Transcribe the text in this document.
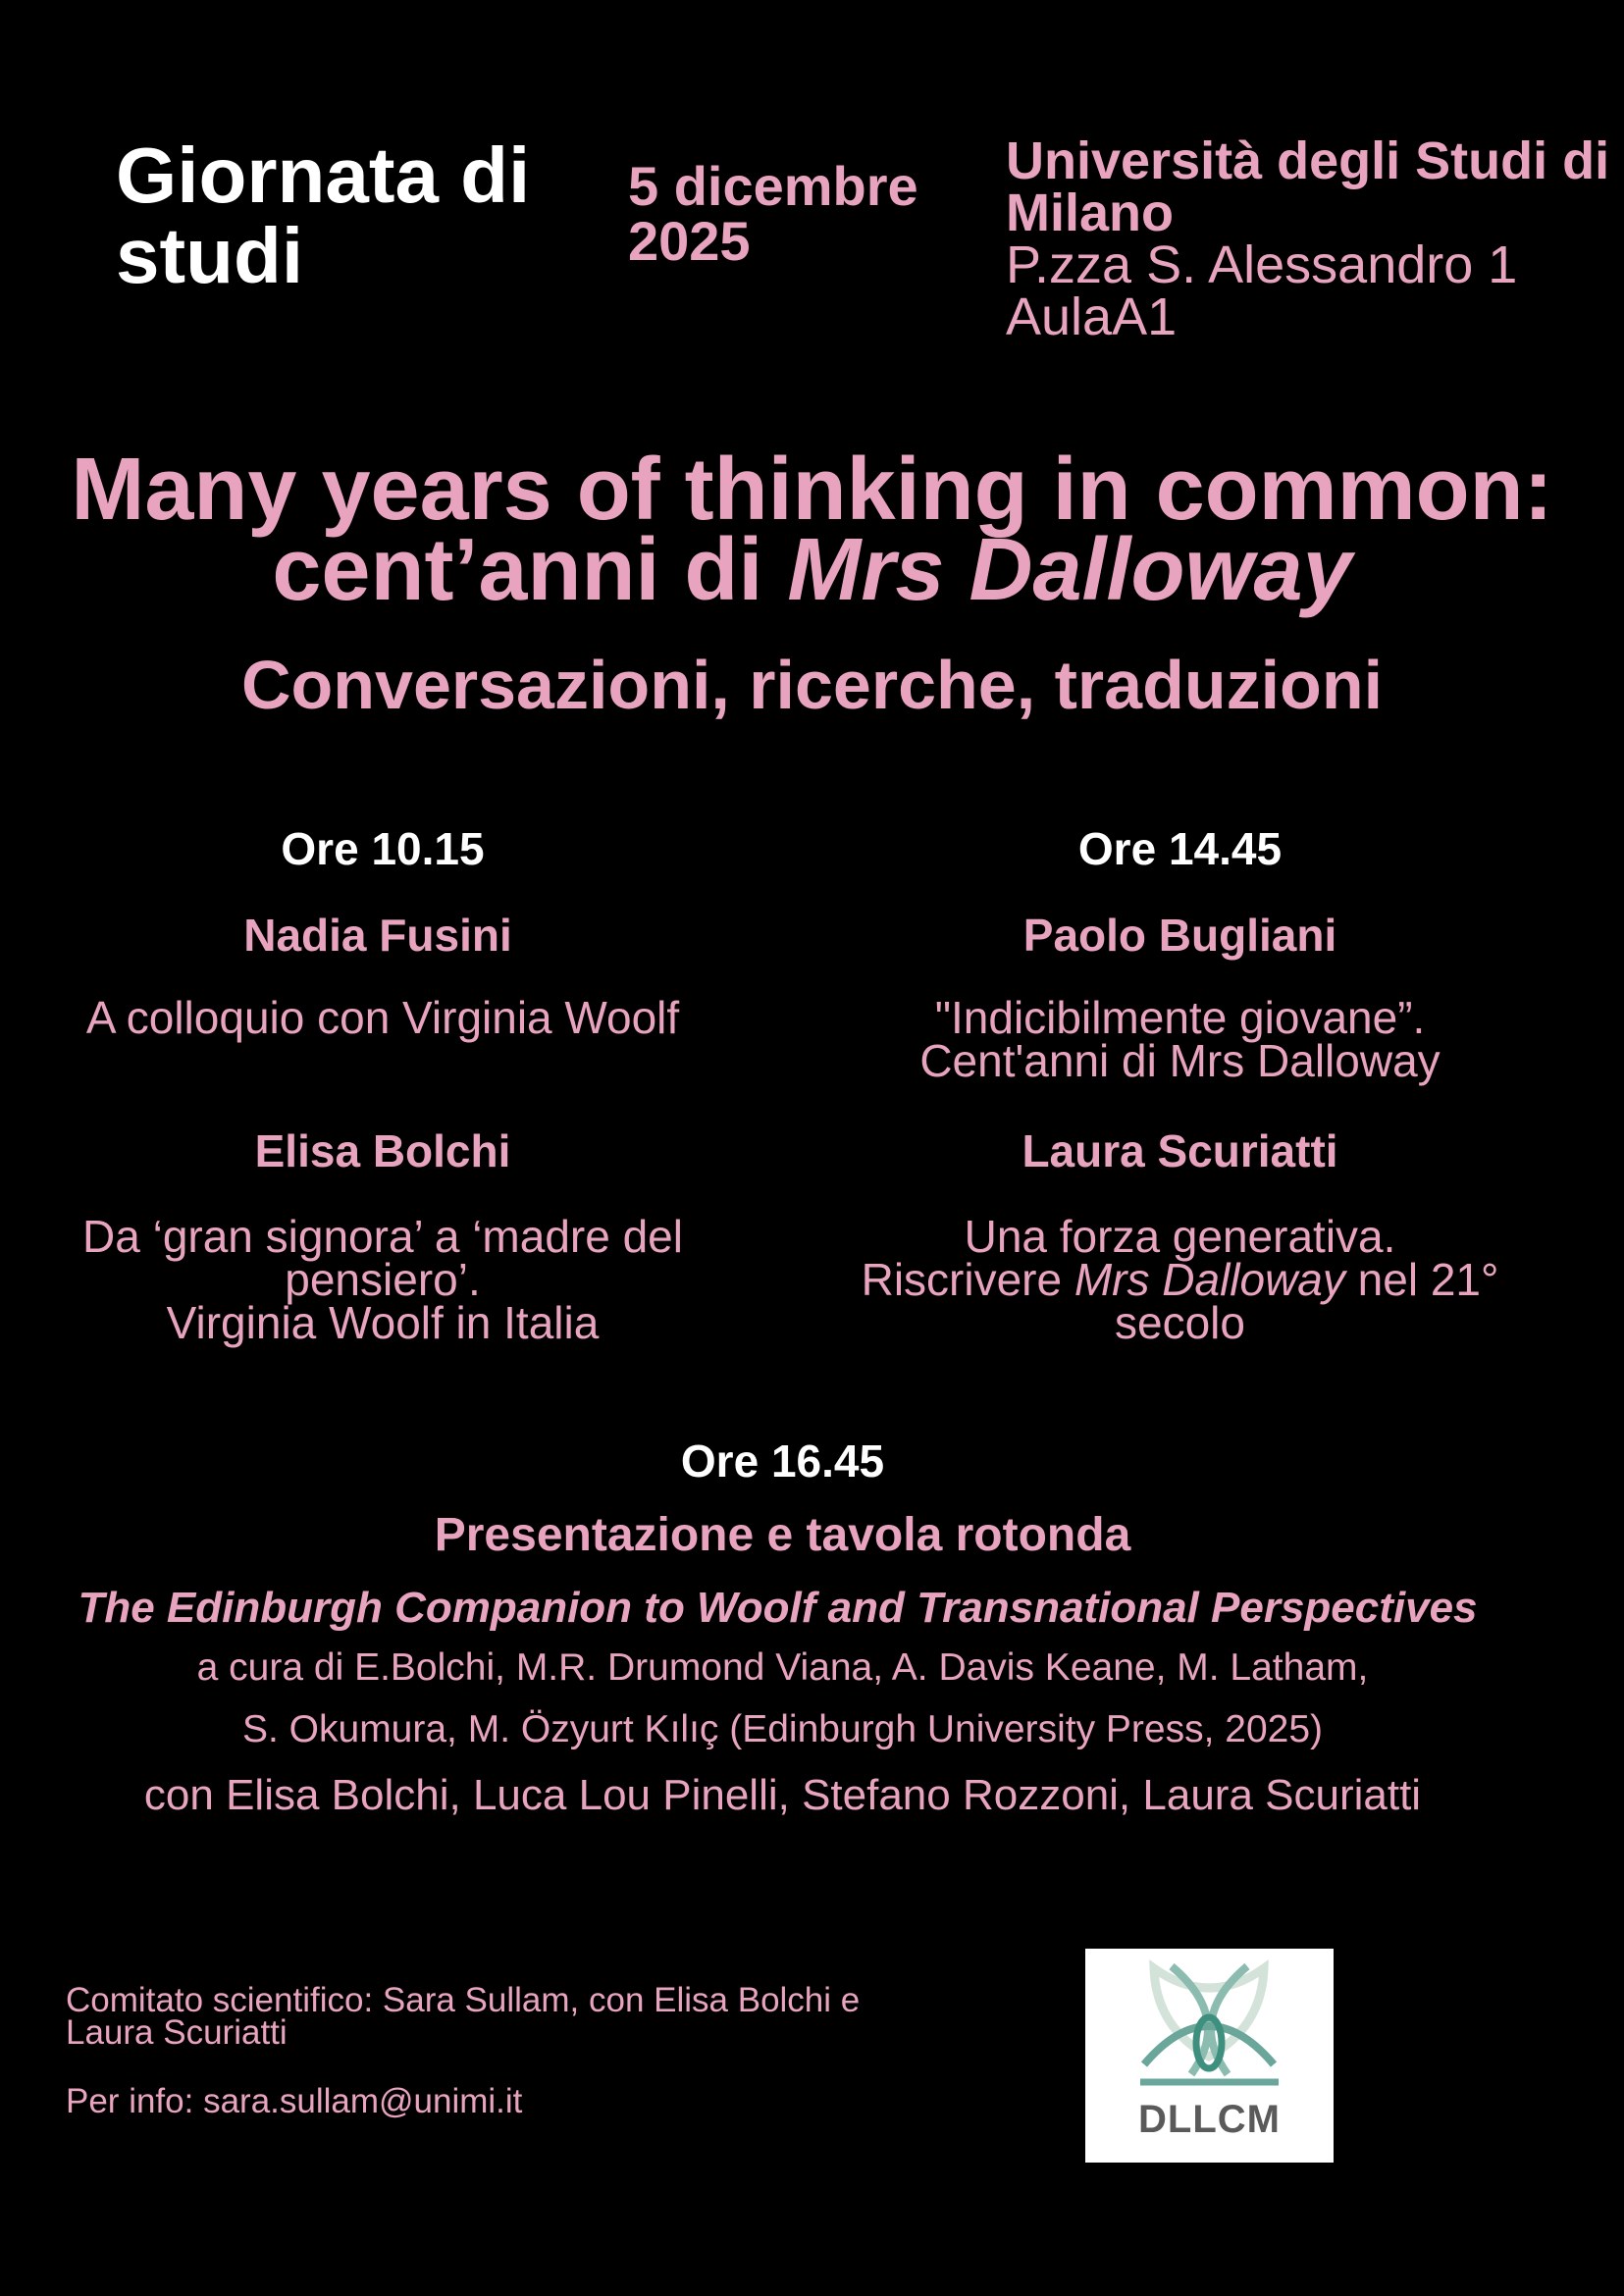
Giornata di studi
5 dicembre 2025
Università degli Studi di Milano
P.zza S. Alessandro 1
AulaA1
Many years of thinking in common:
cent’anni di Mrs Dalloway
Conversazioni, ricerche, traduzioni
Ore 10.15
Nadia Fusini
A colloquio con Virginia Woolf
Elisa Bolchi
Da ‘gran signora’ a ‘madre del
pensiero’.
Virginia Woolf in Italia
Ore 14.45
Paolo Bugliani
"Indicibilmente giovane”.
Cent'anni di Mrs Dalloway
Laura Scuriatti
Una forza generativa.
Riscrivere Mrs Dalloway nel 21°
secolo
Ore 16.45
Presentazione e tavola rotonda
The Edinburgh Companion to Woolf and Transnational Perspectives
a cura di E.Bolchi, M.R. Drumond Viana, A. Davis Keane, M. Latham,
S. Okumura, M. Özyurt Kılıç (Edinburgh University Press, 2025)
con Elisa Bolchi, Luca Lou Pinelli, Stefano Rozzoni, Laura Scuriatti
Comitato scientifico: Sara Sullam, con Elisa Bolchi e
Laura Scuriatti
Per info: sara.sullam@unimi.it	DLLCM
